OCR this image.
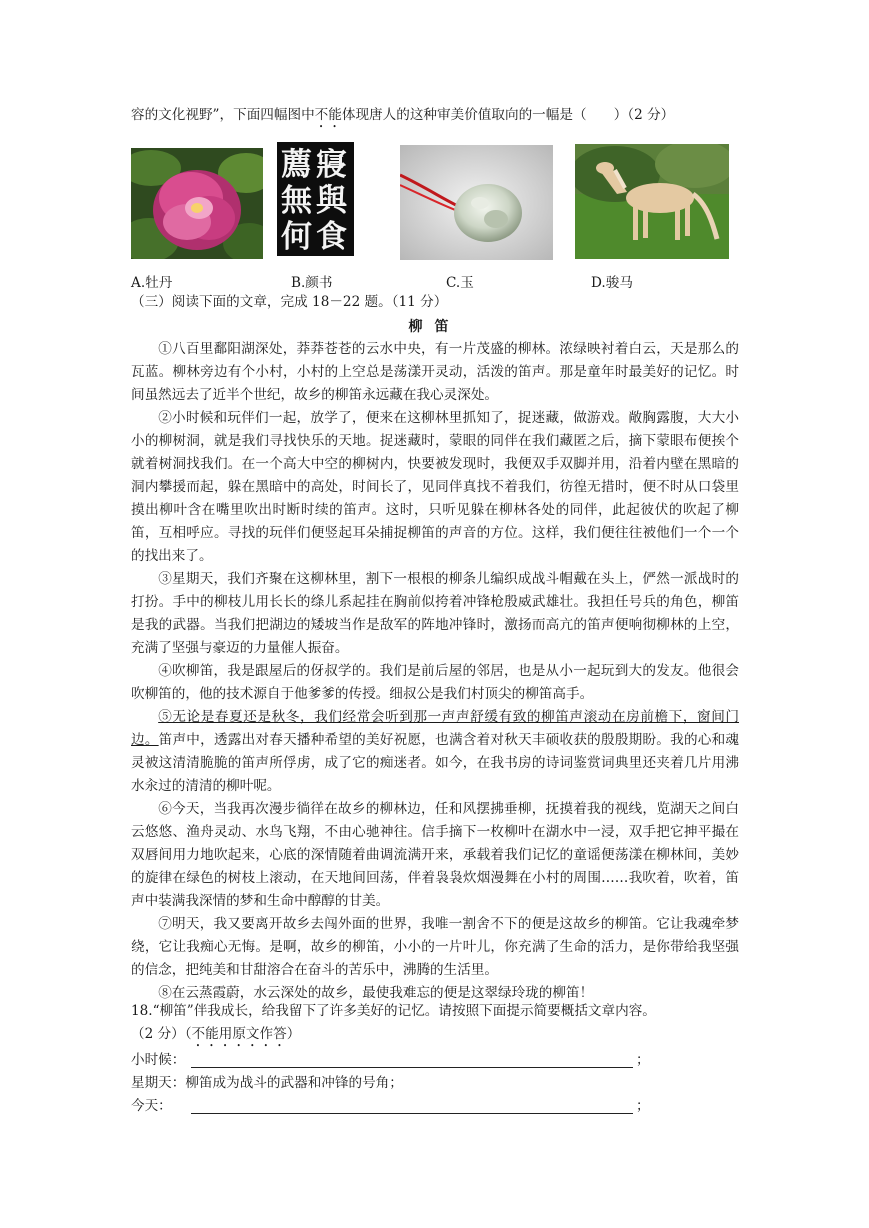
容的文化视野”，下面四幅图中不能体现唐人的这种审美价值取向的一幅是（　　）（2 分）
寢
與
薦
無
食
何
A.牡丹	B.颜书	C.玉	D.骏马
（三）阅读下面的文章，完成 18－22 题。（11 分）
柳笛

①八百里鄱阳湖深处，莽莽苍苍的云水中央，有一片茂盛的柳林。浓绿映衬着白云，天是那么的瓦蓝。柳林旁边有个小村，小村的上空总是荡漾开灵动，活泼的笛声。那是童年时最美好的记忆。时间虽然远去了近半个世纪，故乡的柳笛永远藏在我心灵深处。

②小时候和玩伴们一起，放学了，便来在这柳林里抓知了，捉迷藏，做游戏。敞胸露腹，大大小小的柳树洞，就是我们寻找快乐的天地。捉迷藏时，蒙眼的同伴在我们藏匿之后，摘下蒙眼布便挨个就着树洞找我们。在一个高大中空的柳树内，快要被发现时，我便双手双脚并用，沿着内壁在黑暗的洞内攀援而起，躲在黑暗中的高处，时间长了，见同伴真找不着我们，彷徨无措时，便不时从口袋里摸出柳叶含在嘴里吹出时断时续的笛声。这时，只听见躲在柳林各处的同伴，此起彼伏的吹起了柳笛，互相呼应。寻找的玩伴们便竖起耳朵捕捉柳笛的声音的方位。这样，我们便往往被他们一个一个的找出来了。

③星期天，我们齐聚在这柳林里，割下一根根的柳条儿编织成战斗帽戴在头上，俨然一派战时的打扮。手中的柳枝儿用长长的绦儿系起挂在胸前似挎着冲锋枪殷威武雄壮。我担任号兵的角色，柳笛是我的武器。当我们把湖边的矮坡当作是敌军的阵地冲锋时，激扬而高亢的笛声便响彻柳林的上空，充满了坚强与豪迈的力量催人振奋。

④吹柳笛，我是跟屋后的伢叔学的。我们是前后屋的邻居，也是从小一起玩到大的发友。他很会吹柳笛的，他的技术源自于他爹爹的传授。细叔公是我们村顶尖的柳笛高手。

⑤无论是春夏还是秋冬，我们经常会听到那一声声舒缓有致的柳笛声滚动在房前檐下，窗间门边。笛声中，透露出对春天播种希望的美好祝愿，也满含着对秋天丰硕收获的殷殷期盼。我的心和魂灵被这清清脆脆的笛声所俘虏，成了它的痴迷者。如今，在我书房的诗词鉴赏词典里还夹着几片用沸水汆过的清清的柳叶呢。

⑥今天，当我再次漫步徜徉在故乡的柳林边，任和风摆拂垂柳，抚摸着我的视线，览湖天之间白云悠悠、渔舟灵动、水鸟飞翔，不由心驰神往。信手摘下一枚柳叶在湖水中一浸，双手把它抻平撮在双唇间用力地吹起来，心底的深情随着曲调流满开来，承载着我们记忆的童谣便荡漾在柳林间，美妙的旋律在绿色的树枝上滚动，在天地间回荡，伴着袅袅炊烟漫舞在小村的周围……我吹着，吹着，笛声中装满我深情的梦和生命中醇醇的甘美。

⑦明天，我又要离开故乡去闯外面的世界，我唯一割舍不下的便是这故乡的柳笛。它让我魂牵梦绕，它让我痴心无悔。是啊，故乡的柳笛，小小的一片叶儿，你充满了生命的活力，是你带给我坚强的信念，把纯美和甘甜溶合在奋斗的苦乐中，沸腾的生活里。

⑧在云蒸霞蔚，水云深处的故乡，最使我难忘的便是这翠绿玲珑的柳笛！

18.“柳笛”伴我成长，给我留下了许多美好的记忆。请按照下面提示简要概括文章内容。
（2 分）（不能用原文作答）
小时候：	；
星期天：柳笛成为战斗的武器和冲锋的号角；
今天：	；
